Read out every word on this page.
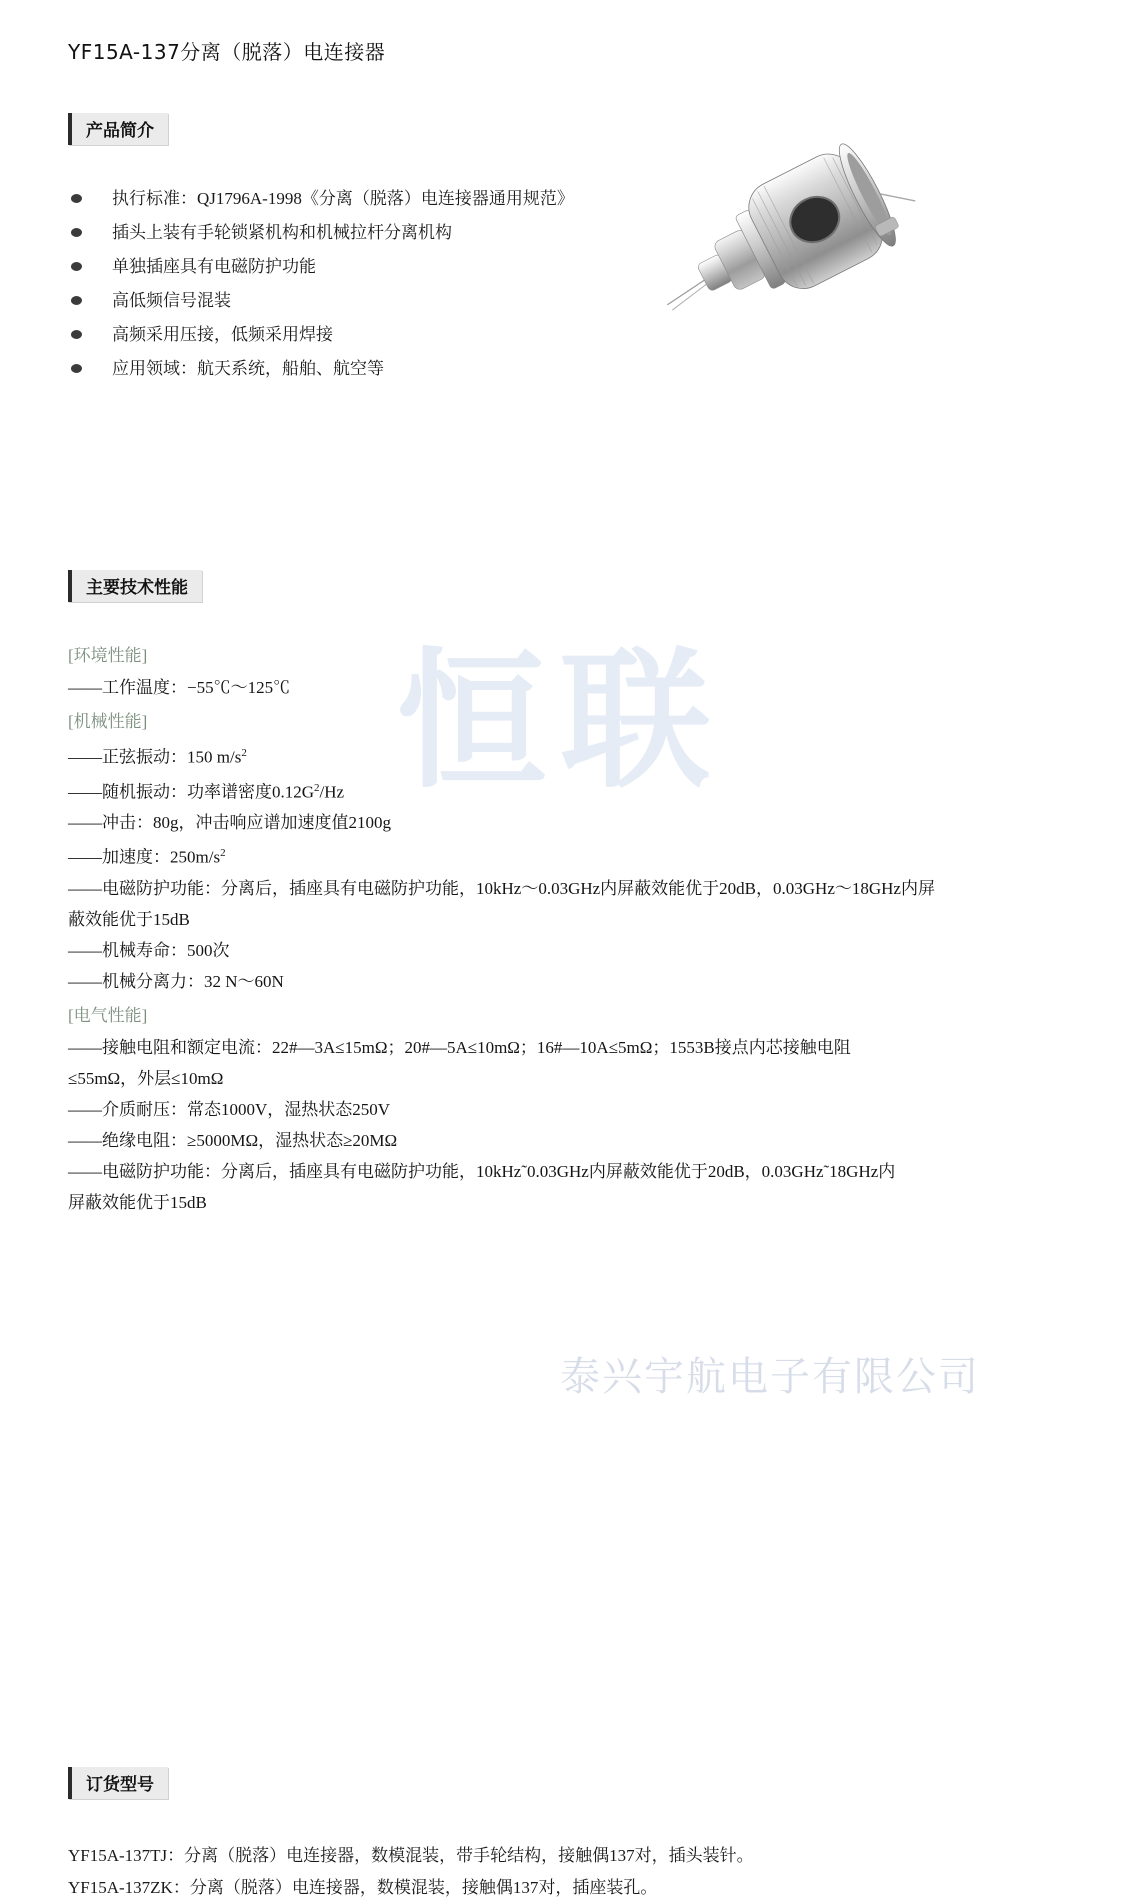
恒联
YF15A-137分离（脱落）电连接器
产品简介
执行标准：QJ1796A-1998《分离（脱落）电连接器通用规范》
插头上装有手轮锁紧机构和机械拉杆分离机构
单独插座具有电磁防护功能
高低频信号混装
高频采用压接，低频采用焊接
应用领域：航天系统，船舶、航空等
主要技术性能
[环境性能]
——工作温度：−55℃～125℃
[机械性能]
——正弦振动：150 $m/s^2$
——随机振动：功率谱密度$0.12G^2/Hz$
——冲击：80g，冲击响应谱加速度值2100g
——加速度：$250m/s^2$
——电磁防护功能：分离后，插座具有电磁防护功能，10kHz～0.03GHz内屏蔽效能优于20dB，0.03GHz～18GHz内屏
蔽效能优于15dB
——机械寿命：500次
——机械分离力：32 N～60N
[电气性能]
——接触电阻和额定电流：22#—3A≤15mΩ；20#—5A≤10mΩ；16#—10A≤5mΩ；1553B接点内芯接触电阻
≤55mΩ，外层≤10mΩ
——介质耐压：常态1000V，湿热状态250V
——绝缘电阻：≥5000MΩ，湿热状态≥20MΩ
——电磁防护功能：分离后，插座具有电磁防护功能，10kHz˜0.03GHz内屏蔽效能优于20dB，0.03GHz˜18GHz内
屏蔽效能优于15dB
订货型号
YF15A-137TJ：分离（脱落）电连接器，数模混装，带手轮结构，接触偶137对，插头装针。
YF15A-137ZK：分离（脱落）电连接器，数模混装，接触偶137对，插座装孔。
泰兴宇航电子有限公司
